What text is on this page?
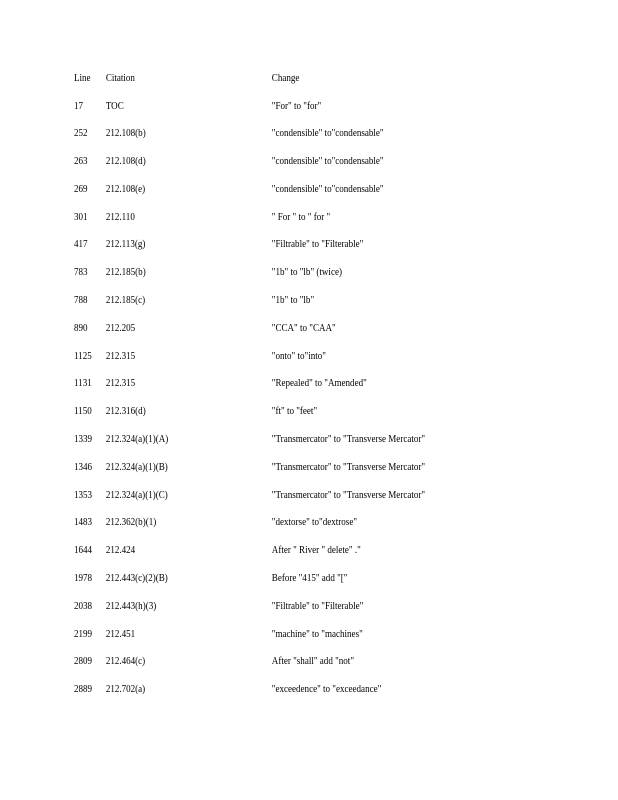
Line Citation	Change
17 TOC	"For" to "for"
252 212.108(b)	"condensible" to"condensable"
263 212.108(d)	"condensible" to"condensable"
269 212.108(e)	"condensible" to"condensable"
301 212.110	" For " to " for "
417 212.113(g)	"Filtrable" to "Filterable"
783 212.185(b)	"1b" to "lb" (twice)
788 212.185(c)	"1b" to "lb"
890 212.205	"CCA" to "CAA"
1125 212.315	"onto" to"into"
1131 212.315	"Repealed" to "Amended"
1150 212.316(d)	"ft" to "feet"
1339 212.324(a)(1)(A)	"Transmercator" to "Transverse Mercator"
1346 212.324(a)(1)(B)	"Transmercator" to "Transverse Mercator"
1353 212.324(a)(1)(C)	"Transmercator" to "Transverse Mercator"
1483 212.362(b)(1)	"dextorse" to"dextrose"
1644 212.424	After " River " delete" ."
1978 212.443(c)(2)(B)	Before "415" add "["
2038 212.443(h)(3)	"Filtrable" to "Filterable"
2199 212.451	"machine" to "machines"
2809 212.464(c)	After "shall" add "not"
2889 212.702(a)	"exceedence" to "exceedance"
